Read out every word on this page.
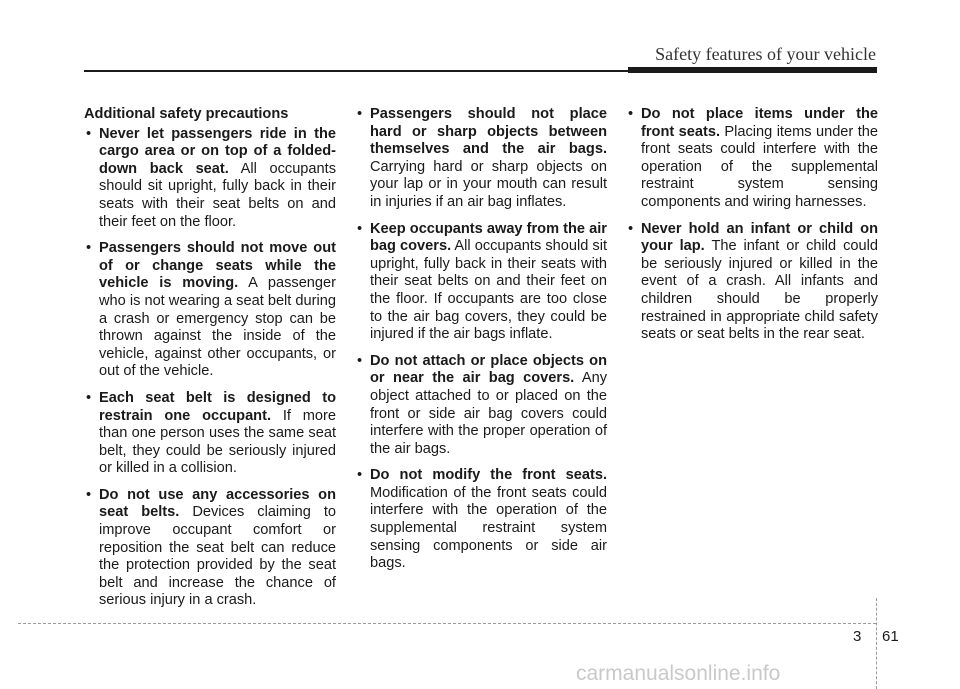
Safety features of your vehicle
Additional safety precautions
• Never let passengers ride in the cargo area or on top of a folded-down back seat. All occupants should sit upright, fully back in their seats with their seat belts on and their feet on the floor.
• Passengers should not move out of or change seats while the vehicle is moving. A passenger who is not wearing a seat belt during a crash or emergency stop can be thrown against the inside of the vehicle, against other occupants, or out of the vehicle.
• Each seat belt is designed to restrain one occupant. If more than one person uses the same seat belt, they could be seriously injured or killed in a collision.
• Do not use any accessories on seat belts. Devices claiming to improve occupant comfort or reposition the seat belt can reduce the protection provided by the seat belt and increase the chance of serious injury in a crash.
• Passengers should not place hard or sharp objects between themselves and the air bags. Carrying hard or sharp objects on your lap or in your mouth can result in injuries if an air bag inflates.
• Keep occupants away from the air bag covers. All occupants should sit upright, fully back in their seats with their seat belts on and their feet on the floor. If occupants are too close to the air bag covers, they could be injured if the air bags inflate.
• Do not attach or place objects on or near the air bag covers. Any object attached to or placed on the front or side air bag covers could interfere with the proper operation of the air bags.
• Do not modify the front seats. Modification of the front seats could interfere with the operation of the supplemental restraint system sensing components or side air bags.
• Do not place items under the front seats. Placing items under the front seats could interfere with the operation of the supplemental restraint system sensing components and wiring harnesses.
• Never hold an infant or child on your lap. The infant or child could be seriously injured or killed in the event of a crash. All infants and children should be properly restrained in appropriate child safety seats or seat belts in the rear seat.
3 61
carmanualsonline.info
